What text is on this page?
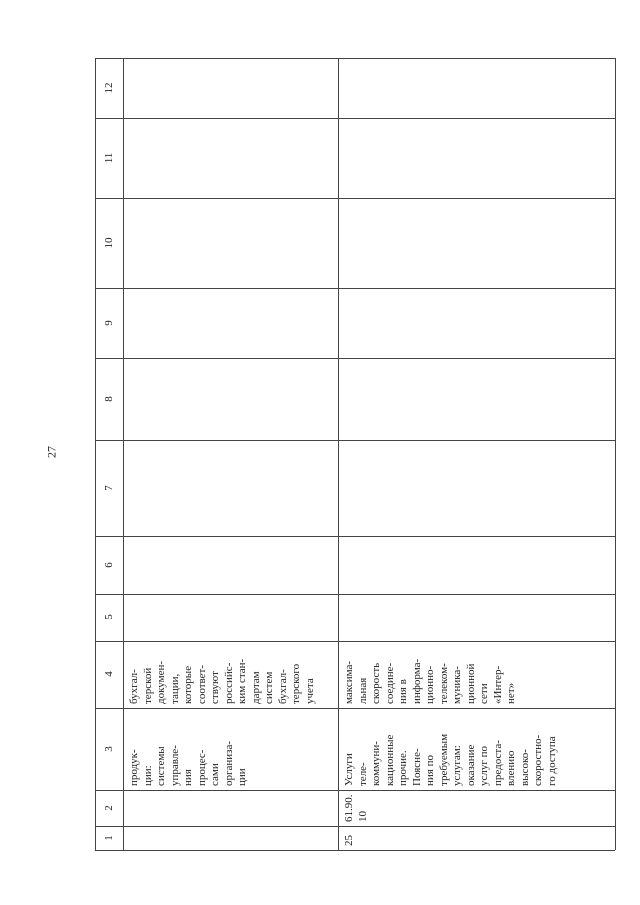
27
12
11
10
9
8
7
6
5
4
3
2
1
продук-
ции:
системы
управле-
ния
процес-
сами
организа-
ции
бухгал-
терской
докумен-
тации,
которые
соответ-
ствуют
российс-
ким стан-
дартам
систем
бухгал-
терского
учета
25
61.90.
10
Услуги
теле-
коммуни-
кационные
прочие.
Поясне-
ния по
требуемым
услугам:
оказание
услуг по
предоста-
влению
высоко-
скоростно-
го доступа
максима-
льная
скорость
соедине-
ния в
информа-
ционно-
телеком-
муника-
ционной
сети
«Интер-
нет»
